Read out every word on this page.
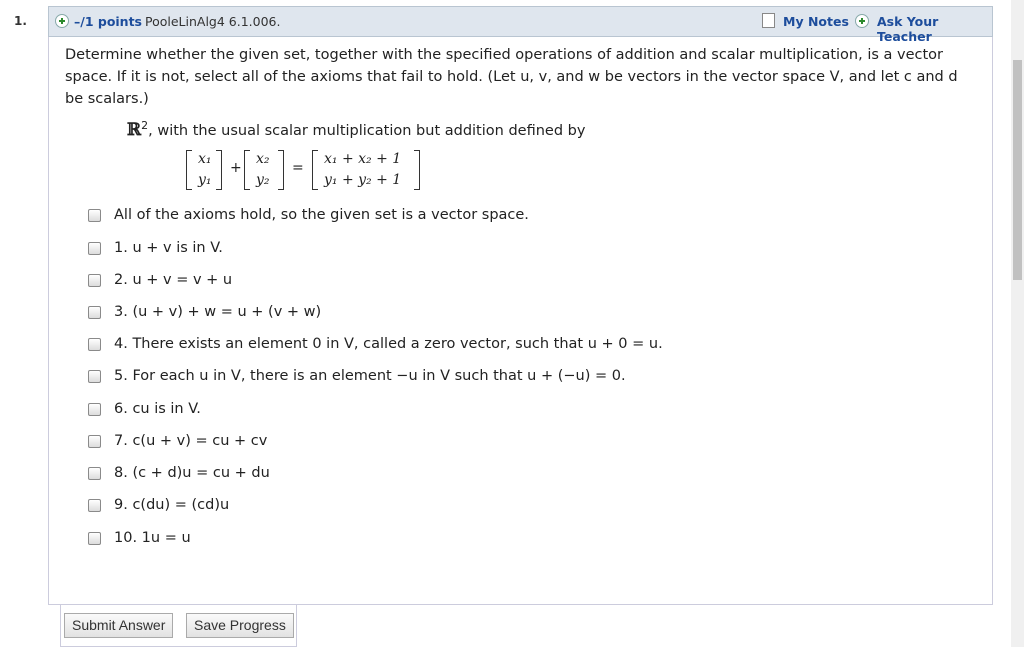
1.	–/1 points PooleLinAlg4 6.1.006.	My Notes Ask Your Teacher
Determine whether the given set, together with the specified operations of addition and scalar multiplication, is a vector space. If it is not, select all of the axioms that fail to hold. (Let u, v, and w be vectors in the vector space V, and let c and d be scalars.)
ℝ$^2$, with the usual scalar multiplication but addition defined by
x₁
y₁
+
x₂
y₂
=
x₁ + x₂ + 1
y₁ + y₂ + 1
All of the axioms hold, so the given set is a vector space.
1. u + v is in V.
2. u + v = v + u
3. (u + v) + w = u + (v + w)
4. There exists an element 0 in V, called a zero vector, such that u + 0 = u.
5. For each u in V, there is an element −u in V such that u + (−u) = 0.
6. cu is in V.
7. c(u + v) = cu + cv
8. (c + d)u = cu + du
9. c(du) = (cd)u
10. 1u = u
Submit Answer	Save Progress
